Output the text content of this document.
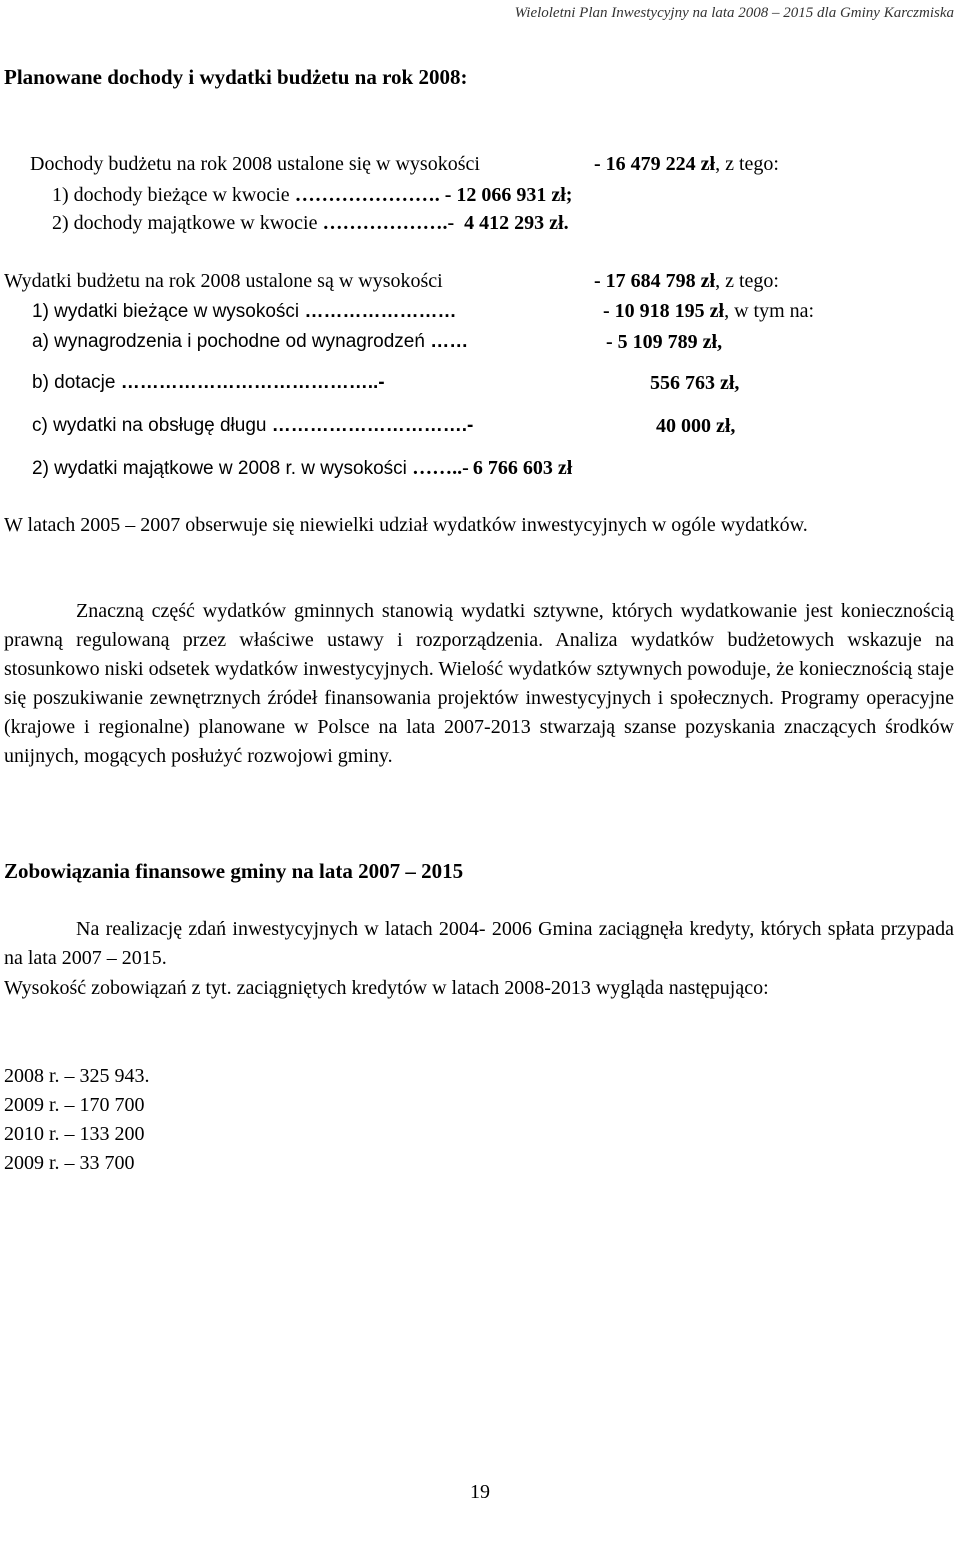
Wieloletni Plan Inwestycyjny na lata 2008 – 2015 dla Gminy Karczmiska
Planowane dochody i wydatki budżetu na rok 2008:
Dochody budżetu na rok 2008 ustalone się w wysokości	- 16 479 224 zł, z tego:
1) dochody bieżące w kwocie …………………. - 12 066 931 zł;
2) dochody majątkowe w kwocie ……………….- 4 412 293 zł.
Wydatki budżetu na rok 2008 ustalone są w wysokości	- 17 684 798 zł, z tego:
1) wydatki bieżące w wysokości ……………………	- 10 918 195 zł, w tym na:
a) wynagrodzenia i pochodne od wynagrodzeń ……	- 5 109 789 zł,
b) dotacje …………………………………..-	556 763 zł,
c) wydatki na obsługę długu ………………………….-	40 000 zł,
2) wydatki majątkowe w 2008 r. w wysokości ……..- 6 766 603 zł

W latach 2005 – 2007 obserwuje się niewielki udział wydatków inwestycyjnych w ogóle wydatków.

Znaczną część wydatków gminnych stanowią wydatki sztywne, których wydatkowanie jest koniecznością prawną regulowaną przez właściwe ustawy i rozporządzenia. Analiza wydatków budżetowych wskazuje na stosunkowo niski odsetek wydatków inwestycyjnych. Wielość wydatków sztywnych powoduje, że koniecznością staje się poszukiwanie zewnętrznych źródeł finansowania projektów inwestycyjnych i społecznych. Programy operacyjne (krajowe i regionalne) planowane w Polsce na lata 2007-2013 stwarzają szanse pozyskania znaczących środków unijnych, mogących posłużyć rozwojowi gminy.

Zobowiązania finansowe gminy na lata 2007 – 2015

Na realizację zdań inwestycyjnych w latach 2004- 2006 Gmina zaciągnęła kredyty, których spłata przypada na lata 2007 – 2015.

Wysokość zobowiązań z tyt. zaciągniętych kredytów w latach 2008-2013 wygląda następująco:

2008 r. – 325 943.
2009 r. – 170 700
2010 r. – 133 200
2009 r. – 33 700
19
